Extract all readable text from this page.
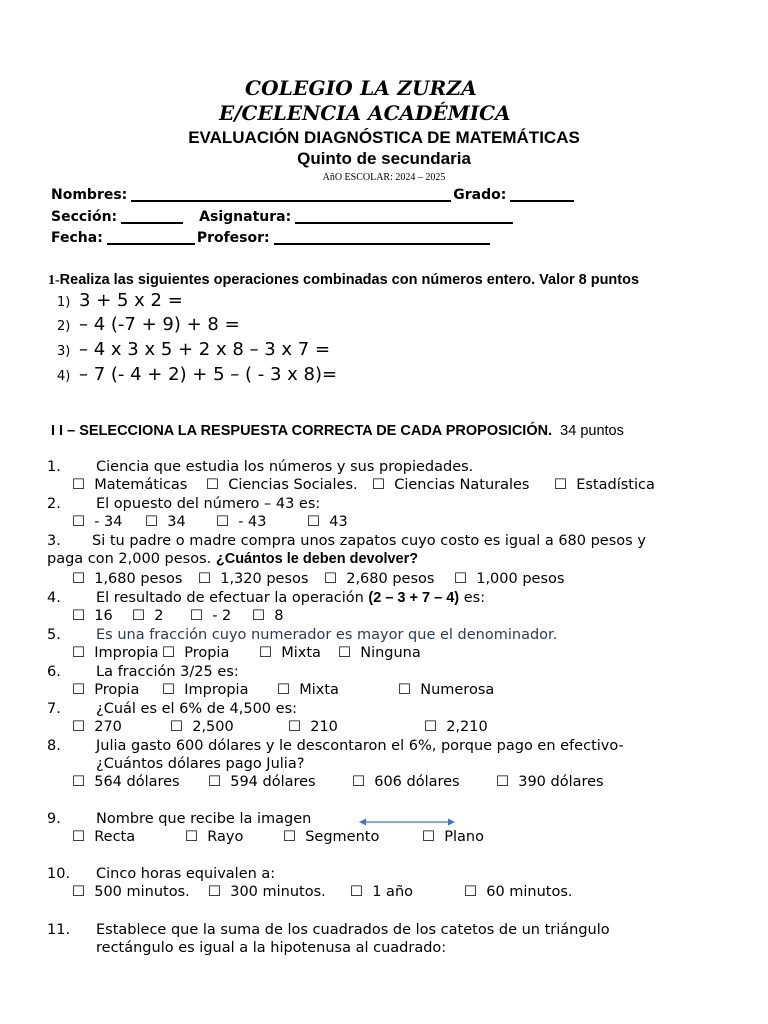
COLEGIO LA ZURZA
E/CELENCIA ACADÉMICA
EVALUACIÓN DIAGNÓSTICA DE MATEMÁTICAS
Quinto de secundaria
AñO ESCOLAR: 2024 – 2025
Nombres:	Grado:
Sección:	Asignatura:
Fecha:	Profesor:
1-Realiza las siguientes operaciones combinadas con números entero. Valor 8 puntos
1) 3 + 5 x 2 =
2) – 4 (-7 + 9) + 8 =
3) – 4 x 3 x 5 + 2 x 8 – 3 x 7 =
4) – 7 (- 4 + 2) + 5 – ( - 3 x 8)=
I I – SELECCIONA LA RESPUESTA CORRECTA DE CADA PROPOSICIÓN. 34 puntos
1. Ciencia que estudia los números y sus propiedades.
☐ Matemáticas ☐ Ciencias Sociales. ☐ Ciencias Naturales ☐ Estadística
2. El opuesto del número – 43 es:
☐ - 34 ☐ 34 ☐ - 43	☐ 43
3. Si tu padre o madre compra unos zapatos cuyo costo es igual a 680 pesos y
paga con 2,000 pesos. ¿Cuántos le deben devolver?
☐ 1,680 pesos ☐ 1,320 pesos ☐ 2,680 pesos ☐ 1,000 pesos
4. El resultado de efectuar la operación (2 – 3 + 7 – 4) es:
☐ 16 ☐ 2 ☐ - 2 ☐ 8
5. Es una fracción cuyo numerador es mayor que el denominador.
☐ Impropia ☐ Propia ☐ Mixta ☐ Ninguna
6. La fracción 3/25 es:
☐ Propia ☐ Impropia ☐ Mixta	☐ Numerosa
7. ¿Cuál es el 6% de 4,500 es:
☐ 270	☐ 2,500	☐ 210	☐ 2,210
8. Julia gasto 600 dólares y le descontaron el 6%, porque pago en efectivo-
¿Cuántos dólares pago Julia?
☐ 564 dólares ☐ 594 dólares	☐ 606 dólares	☐ 390 dólares
9. Nombre que recibe la imagen
☐ Recta	☐ Rayo	☐ Segmento	☐ Plano
10. Cinco horas equivalen a:
☐ 500 minutos. ☐ 300 minutos. ☐ 1 año	☐ 60 minutos.
11. Establece que la suma de los cuadrados de los catetos de un triángulo
rectángulo es igual a la hipotenusa al cuadrado:
